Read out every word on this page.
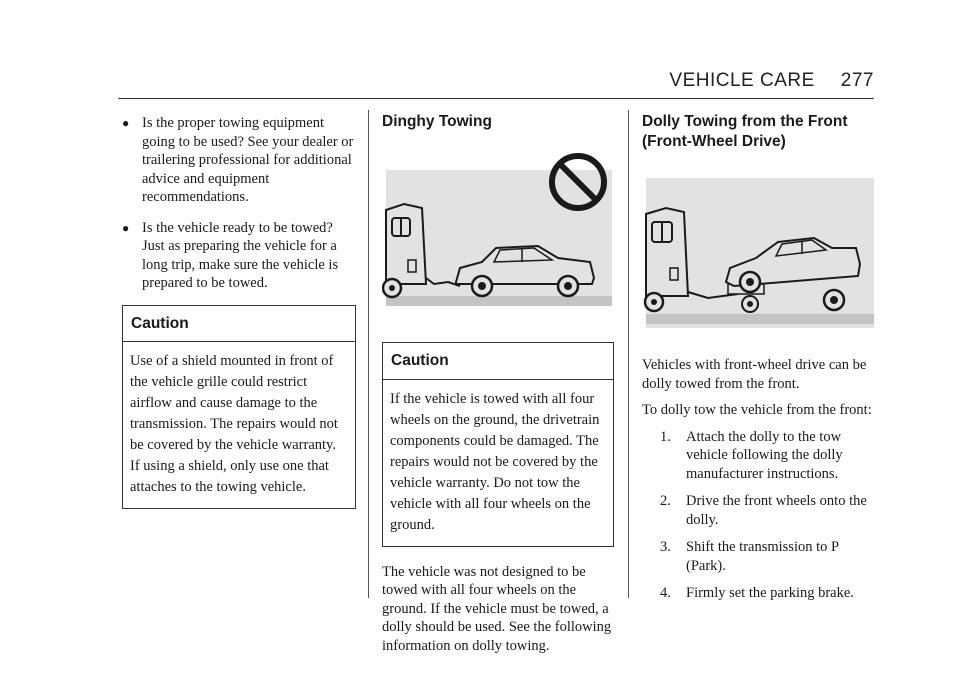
VEHICLE CARE 277
● Is the proper towing equipment going to be used? See your dealer or trailering professional for additional advice and equipment recommendations.
● Is the vehicle ready to be towed? Just as preparing the vehicle for a long trip, make sure the vehicle is prepared to be towed.
Caution
Use of a shield mounted in front of the vehicle grille could restrict airflow and cause damage to the transmission. The repairs would not be covered by the vehicle warranty. If using a shield, only use one that attaches to the towing vehicle.
Dinghy Towing
Caution
If the vehicle is towed with all four wheels on the ground, the drivetrain components could be damaged. The repairs would not be covered by the vehicle warranty. Do not tow the vehicle with all four wheels on the ground.

The vehicle was not designed to be towed with all four wheels on the ground. If the vehicle must be towed, a dolly should be used. See the following information on dolly towing.

Dolly Towing from the Front (Front-Wheel Drive)

Vehicles with front-wheel drive can be dolly towed from the front.

To dolly tow the vehicle from the front:

1. Attach the dolly to the tow vehicle following the dolly manufacturer instructions.
2. Drive the front wheels onto the dolly.
3. Shift the transmission to P (Park).
4. Firmly set the parking brake.
